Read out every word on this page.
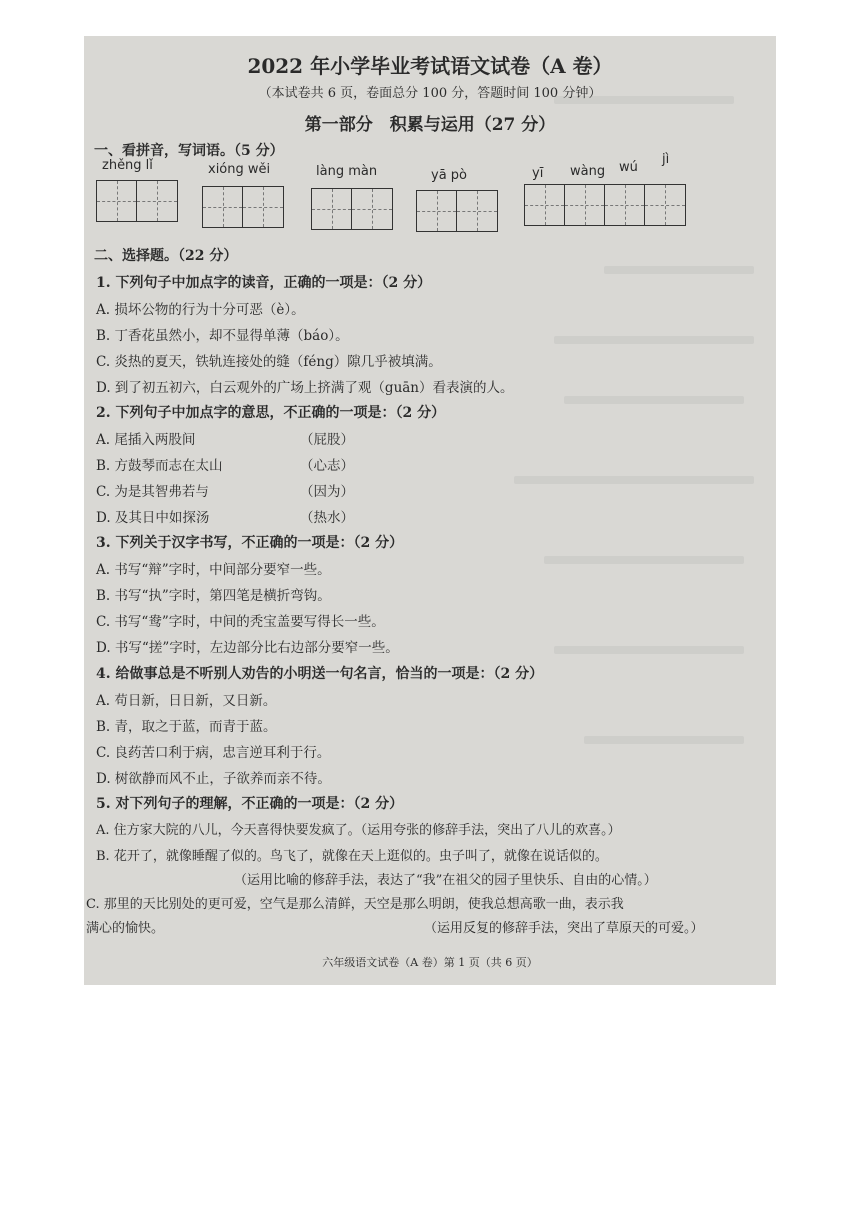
2022 年小学毕业考试语文试卷（A 卷）
（本试卷共 6 页，卷面总分 100 分，答题时间 100 分钟）
第一部分　积累与运用（27 分）
一、看拼音，写词语。（5 分）
zhěng lǐ	xióng wěi	làng màn	yā pò	yī wàng wú
jì
二、选择题。（22 分）
1. 下列句子中加点字的读音，正确的一项是：（2 分）
A. 损坏公物的行为十分可恶（è）。
B. 丁香花虽然小，却不显得单薄（báo）。
C. 炎热的夏天，铁轨连接处的缝（féng）隙几乎被填满。
D. 到了初五初六，白云观外的广场上挤满了观（guān）看表演的人。
2. 下列句子中加点字的意思，不正确的一项是：（2 分）
A. 尾插入两股间	（屁股）
B. 方鼓琴而志在太山	（心志）
C. 为是其智弗若与	（因为）
D. 及其日中如探汤	（热水）
3. 下列关于汉字书写，不正确的一项是：（2 分）
A. 书写“辩”字时，中间部分要窄一些。
B. 书写“执”字时，第四笔是横折弯钩。
C. 书写“鸯”字时，中间的秃宝盖要写得长一些。
D. 书写“搓”字时，左边部分比右边部分要窄一些。
4. 给做事总是不听别人劝告的小明送一句名言，恰当的一项是：（2 分）
A. 苟日新，日日新，又日新。
B. 青，取之于蓝，而青于蓝。
C. 良药苦口利于病，忠言逆耳利于行。
D. 树欲静而风不止，子欲养而亲不待。
5. 对下列句子的理解，不正确的一项是：（2 分）
A. 住方家大院的八儿，今天喜得快要发疯了。（运用夸张的修辞手法，突出了八儿的欢喜。）
B. 花开了，就像睡醒了似的。鸟飞了，就像在天上逛似的。虫子叫了，就像在说话似的。
（运用比喻的修辞手法，表达了“我”在祖父的园子里快乐、自由的心情。）
C. 那里的天比别处的更可爱，空气是那么清鲜，天空是那么明朗，使我总想高歌一曲，表示我
满心的愉快。	（运用反复的修辞手法，突出了草原天的可爱。）
六年级语文试卷（A 卷）第 1 页（共 6 页）
